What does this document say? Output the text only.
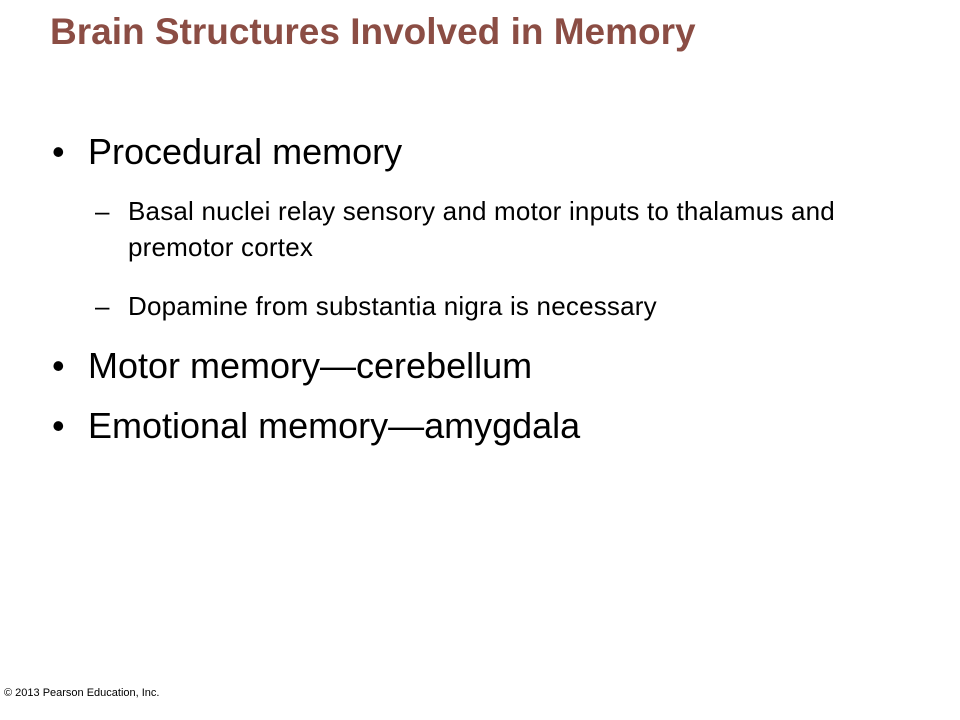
Brain Structures Involved in Memory
• Procedural memory
– Basal nuclei relay sensory and motor inputs to thalamus and premotor cortex
– Dopamine from substantia nigra is necessary
• Motor memory—cerebellum
• Emotional memory—amygdala
© 2013 Pearson Education, Inc.
